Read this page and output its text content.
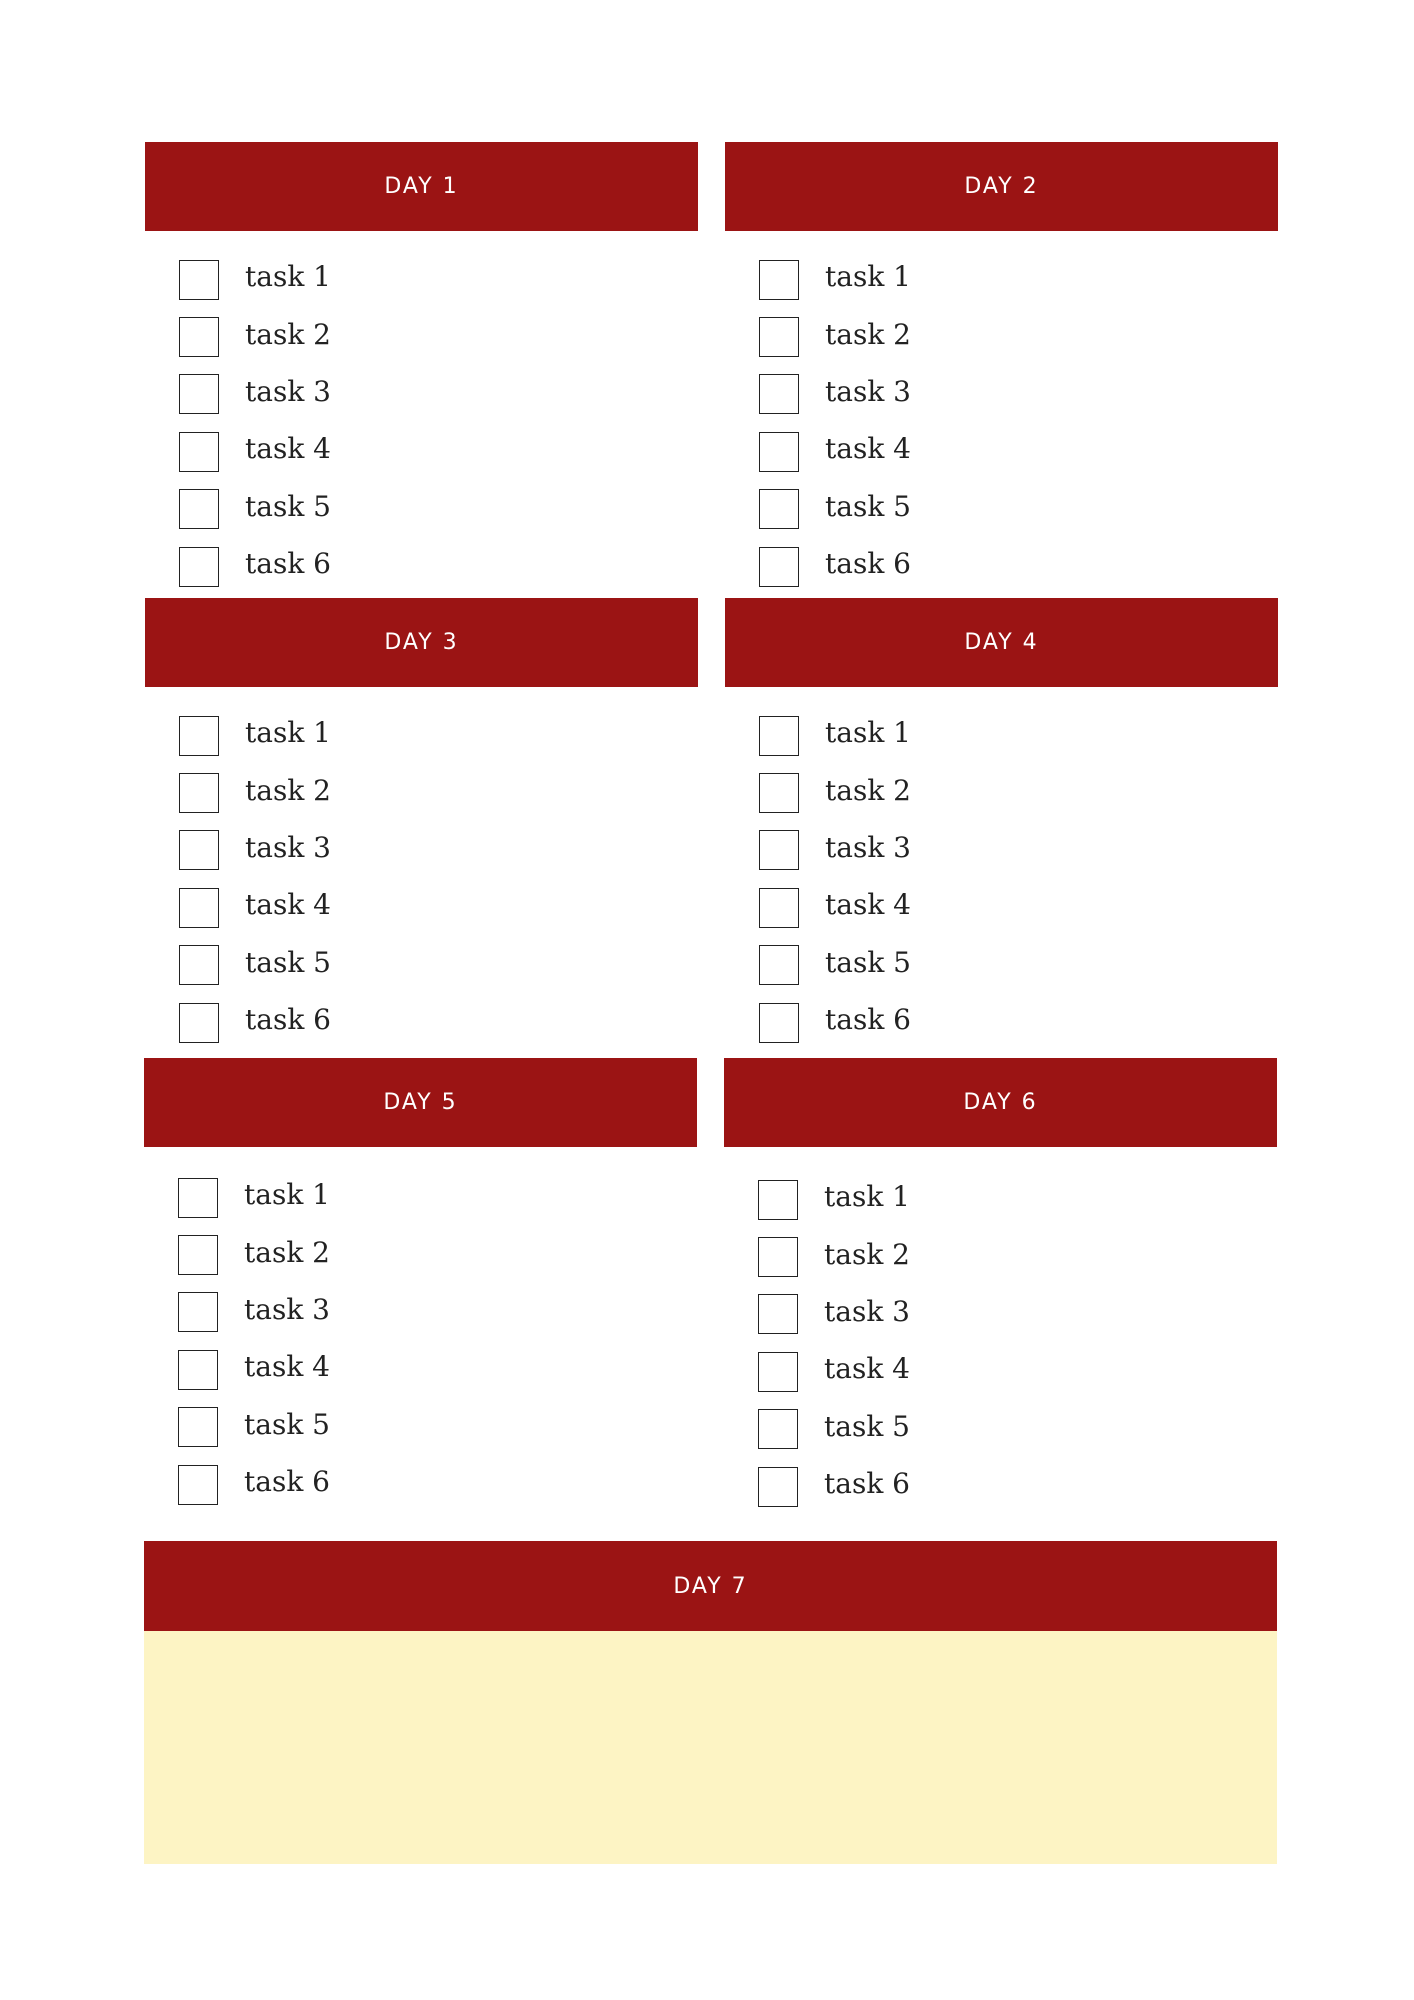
DAY 1
task 1
task 2
task 3
task 4
task 5
task 6
DAY 2
task 1
task 2
task 3
task 4
task 5
task 6
DAY 3
task 1
task 2
task 3
task 4
task 5
task 6
DAY 4
task 1
task 2
task 3
task 4
task 5
task 6
DAY 5
task 1
task 2
task 3
task 4
task 5
task 6
DAY 6
task 1
task 2
task 3
task 4
task 5
task 6
DAY 7
